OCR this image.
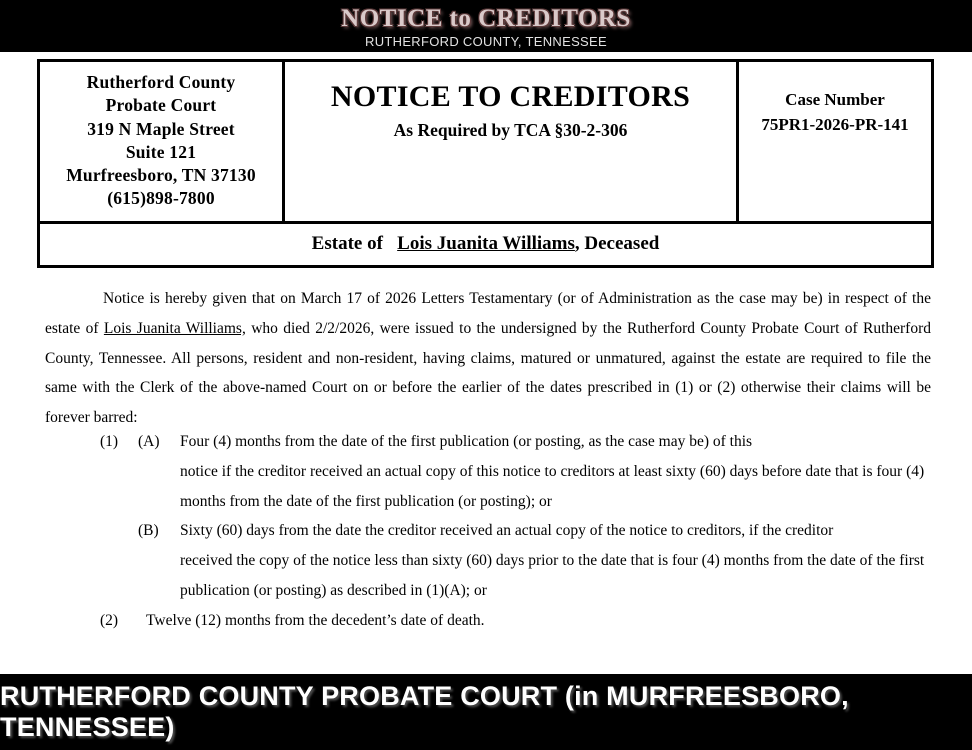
NOTICE to CREDITORS
RUTHERFORD COUNTY, TENNESSEE
Rutherford County
Probate Court
319 N Maple Street
Suite 121
Murfreesboro, TN 37130
(615)898-7800
NOTICE TO CREDITORS
As Required by TCA §30-2-306
Case Number
75PR1-2026-PR-141
Estate of Lois Juanita Williams, Deceased
Notice is hereby given that on March 17 of 2026 Letters Testamentary (or of Administration as the case may be) in respect of the estate of Lois Juanita Williams, who died 2/2/2026, were issued to the undersigned by the Rutherford County Probate Court of Rutherford County, Tennessee. All persons, resident and non-resident, having claims, matured or unmatured, against the estate are required to file the same with the Clerk of the above-named Court on or before the earlier of the dates prescribed in (1) or (2) otherwise their claims will be forever barred:
(1)	(A) Four (4) months from the date of the first publication (or posting, as the case may be) of this
notice if the creditor received an actual copy of this notice to creditors at least sixty (60) days before date that is four (4)
months from the date of the first publication (or posting); or
(B) Sixty (60) days from the date the creditor received an actual copy of the notice to creditors, if the creditor
received the copy of the notice less than sixty (60) days prior to the date that is four (4) months from the date of the first
publication (or posting) as described in (1)(A); or
(2)	Twelve (12) months from the decedent’s date of death.
RUTHERFORD COUNTY PROBATE COURT (in MURFREESBORO, TENNESSEE)
